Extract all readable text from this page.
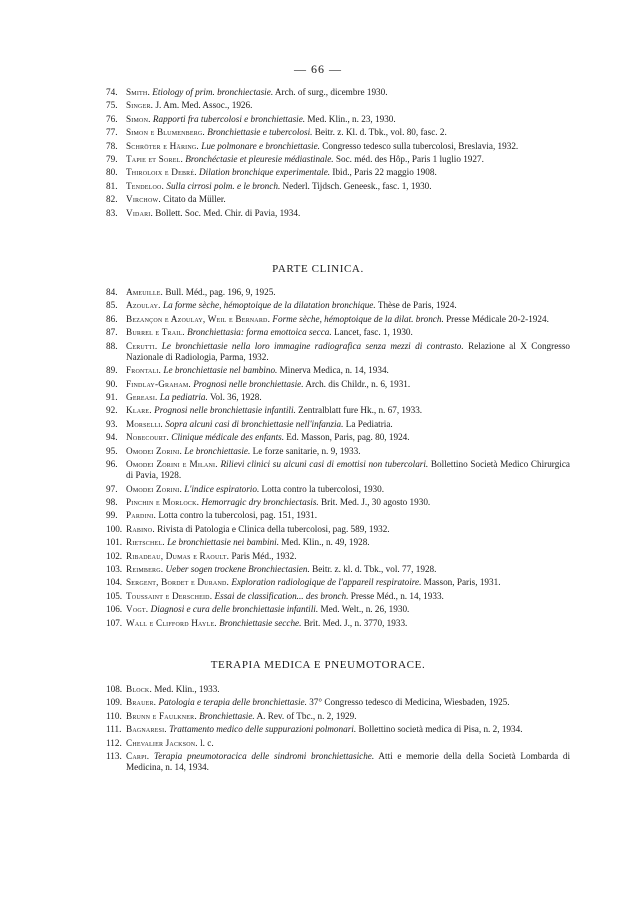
— 66 —
74. Smith. Etiology of prim. bronchiectasie. Arch. of surg., dicembre 1930.
75. Singer. J. Am. Med. Assoc., 1926.
76. Simon. Rapporti fra tubercolosi e bronchiettasie. Med. Klin., n. 23, 1930.
77. Simon e Blumenberg. Bronchiettasie e tubercolosi. Beitr. z. Kl. d. Tbk., vol. 80, fasc. 2.
78. Schröter e Häring. Lue polmonare e bronchiettasie. Congresso tedesco sulla tubercolosi, Breslavia, 1932.
79. Tapie et Sorel. Bronchéctasie et pleuresie médiastinale. Soc. méd. des Hôp., Paris 1 luglio 1927.
80. Thiroloix e Debré. Dilation bronchique experimentale. Ibid., Paris 22 maggio 1908.
81. Tendeloo. Sulla cirrosi polm. e le bronch. Nederl. Tijdsch. Geneesk., fasc. 1, 1930.
82. Virchow. Citato da Müller.
83. Vidari. Bollett. Soc. Med. Chir. di Pavia, 1934.
PARTE CLINICA.
84. Ameuille. Bull. Méd., pag. 196, 9, 1925.
85. Azoulay. La forme sèche, hémoptoique de la dilatation bronchique. Thèse de Paris, 1924.
86. Bezançon e Azoulay, Weil e Bernard. Forme sèche, hémoptoique de la dilat. bronch. Presse Médicale 20-2-1924.
87. Burrel e Trail. Bronchiettasia: forma emottoica secca. Lancet, fasc. 1, 1930.
88. Cerutti. Le bronchiettasie nella loro immagine radiografica senza mezzi di contrasto. Relazione al X Congresso Nazionale di Radiologia, Parma, 1932.
89. Frontali. Le bronchiettasie nel bambino. Minerva Medica, n. 14, 1934.
90. Findlay-Graham. Prognosi nelle bronchiettasie. Arch. dis Childr., n. 6, 1931.
91. Gereasi. La pediatria. Vol. 36, 1928.
92. Klare. Prognosi nelle bronchiettasie infantili. Zentralblatt fure Hk., n. 67, 1933.
93. Morselli. Sopra alcuni casi di bronchiettasie nell'infanzia. La Pediatria.
94. Nobecourt. Clinique médicale des enfants. Ed. Masson, Paris, pag. 80, 1924.
95. Omodei Zorini. Le bronchiettasie. Le forze sanitarie, n. 9, 1933.
96. Omodei Zorini e Milani. Rilievi clinici su alcuni casi di emottisi non tubercolari. Bollettino Società Medico Chirurgica di Pavia, 1928.
97. Omodei Zorini. L'indice espiratorio. Lotta contro la tubercolosi, 1930.
98. Pinchin e Morlock. Hemorragic dry bronchiectasis. Brit. Med. J., 30 agosto 1930.
99. Pardini. Lotta contro la tubercolosi, pag. 151, 1931.
100. Rabino. Rivista di Patologia e Clinica della tubercolosi, pag. 589, 1932.
101. Rietschel. Le bronchiettasie nei bambini. Med. Klin., n. 49, 1928.
102. Ribadeau, Dumas e Raoult. Paris Méd., 1932.
103. Reimberg. Ueber sogen trockene Bronchiectasien. Beitr. z. kl. d. Tbk., vol. 77, 1928.
104. Sergent, Bordet e Durand. Exploration radiologique de l'appareil respiratoire. Masson, Paris, 1931.
105. Toussaint e Derscheid. Essai de classification... des bronch. Presse Méd., n. 14, 1933.
106. Vogt. Diagnosi e cura delle bronchiettasie infantili. Med. Welt., n. 26, 1930.
107. Wall e Clifford Hayle. Bronchiettasie secche. Brit. Med. J., n. 3770, 1933.
TERAPIA MEDICA E PNEUMOTORACE.
108. Block. Med. Klin., 1933.
109. Brauer. Patologia e terapia delle bronchiettasie. 37° Congresso tedesco di Medicina, Wiesbaden, 1925.
110. Brunn e Faulkner. Bronchiettasie. A. Rev. of Tbc., n. 2, 1929.
111. Bagnaresi. Trattamento medico delle suppurazioni polmonari. Bollettino società medica di Pisa, n. 2, 1934.
112. Chevalier Jackson. l. c.
113. Carpi. Terapia pneumotoracica delle sindromi bronchiettasiche. Atti e memorie della della Società Lombarda di Medicina, n. 14, 1934.
